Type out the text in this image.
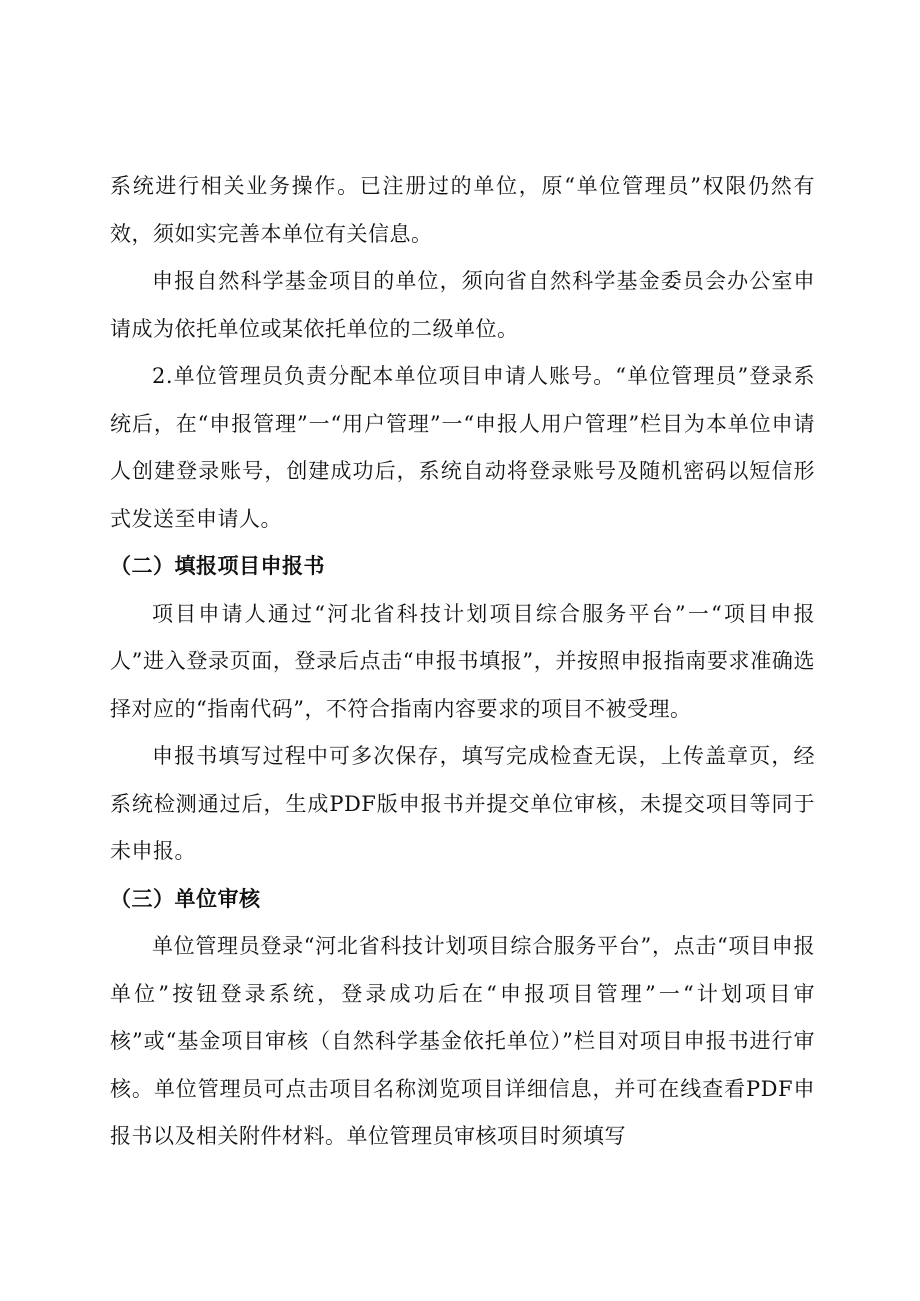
系统进行相关业务操作。已注册过的单位，原“单位管理员”权限仍然有效，须如实完善本单位有关信息。

申报自然科学基金项目的单位，须向省自然科学基金委员会办公室申请成为依托单位或某依托单位的二级单位。

2.单位管理员负责分配本单位项目申请人账号。“单位管理员”登录系统后，在“申报管理”一“用户管理”一“申报人用户管理”栏目为本单位申请人创建登录账号，创建成功后，系统自动将登录账号及随机密码以短信形式发送至申请人。

（二）填报项目申报书

项目申请人通过“河北省科技计划项目综合服务平台”一“项目申报人”进入登录页面，登录后点击“申报书填报”，并按照申报指南要求准确选择对应的“指南代码”，不符合指南内容要求的项目不被受理。

申报书填写过程中可多次保存，填写完成检查无误，上传盖章页，经系统检测通过后，生成PDF版申报书并提交单位审核，未提交项目等同于未申报。

（三）单位审核

单位管理员登录“河北省科技计划项目综合服务平台”，点击“项目申报单位”按钮登录系统，登录成功后在“申报项目管理”一“计划项目审核”或“基金项目审核（自然科学基金依托单位）”栏目对项目申报书进行审核。单位管理员可点击项目名称浏览项目详细信息，并可在线查看PDF申报书以及相关附件材料。单位管理员审核项目时须填写
